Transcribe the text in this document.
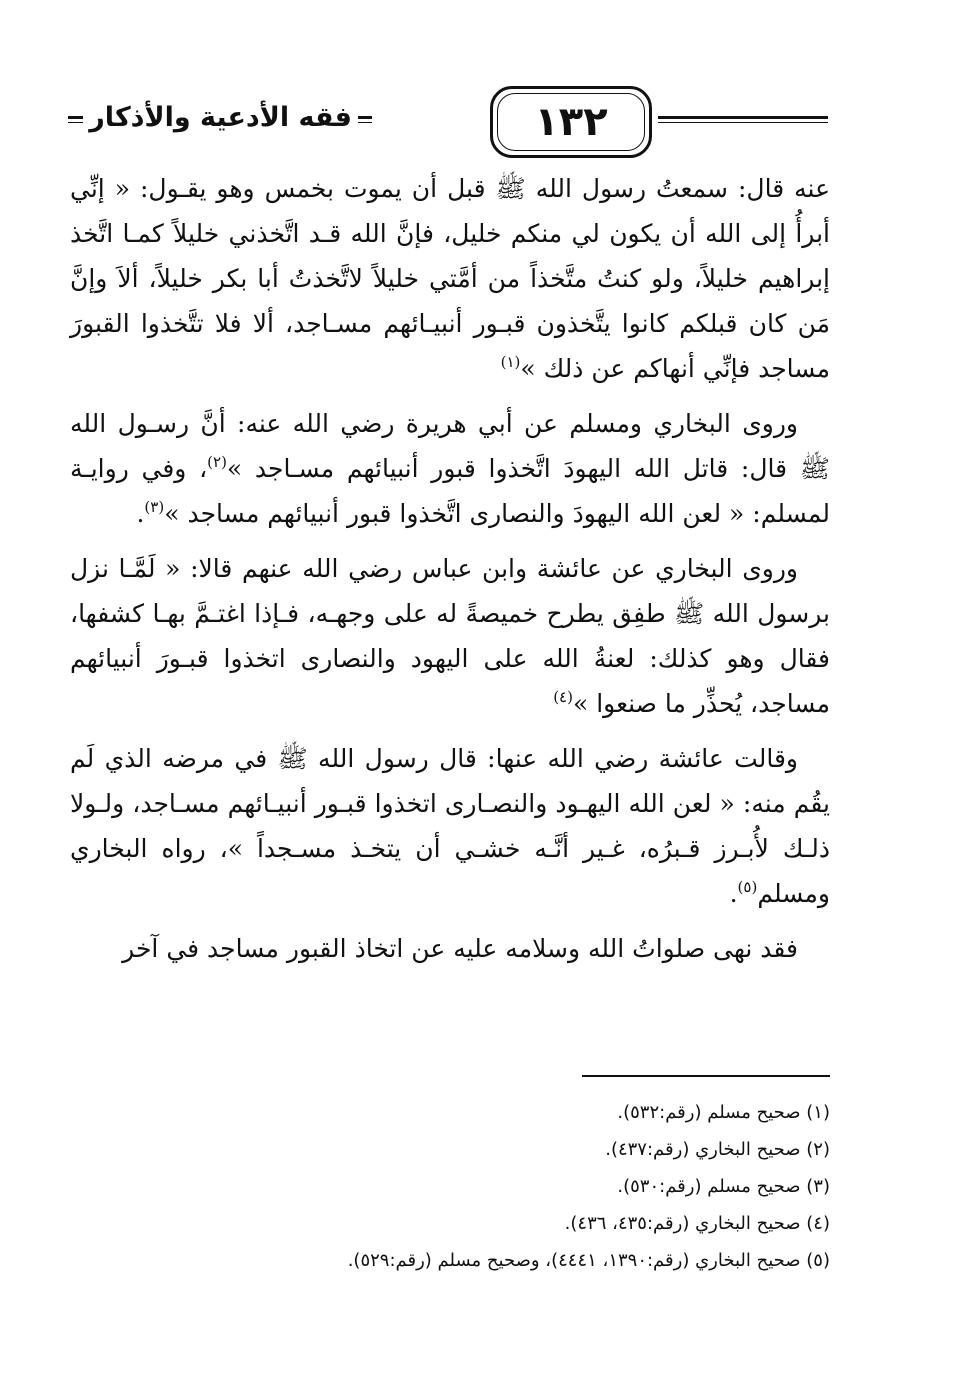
فقه الأدعية والأذكار	١٣٢

عنه قال: سمعتُ رسول الله ﷺ قبل أن يموت بخمس وهو يقـول: « إنِّي أبرأُ إلى الله أن يكون لي منكم خليل، فإنَّ الله قـد اتَّخذني خليلاً كمـا اتَّخذ إبراهيم خليلاً، ولو كنتُ متَّخذاً من أمَّتي خليلاً لاتَّخذتُ أبا بكر خليلاً، ألاَ وإنَّ مَن كان قبلكم كانوا يتَّخذون قبـور أنبيـائهم مسـاجد، ألا فلا تتَّخذوا القبورَ مساجد فإنِّي أنهاكم عن ذلك »$^{(١)}$

وروى البخاري ومسلم عن أبي هريرة رضي الله عنه: أنَّ رسـول الله ﷺ قال: قاتل الله اليهودَ اتَّخذوا قبور أنبيائهم مسـاجد »$^{(٢)}$، وفي روايـة لمسلم: « لعن الله اليهودَ والنصارى اتَّخذوا قبور أنبيائهم مساجد »$^{(٣)}$.

وروى البخاري عن عائشة وابن عباس رضي الله عنهم قالا: « لَمَّـا نزل برسول الله ﷺ طفِق يطرح خميصةً له على وجهـه، فـإذا اغتـمَّ بهـا كشفها، فقال وهو كذلك: لعنةُ الله على اليهود والنصارى اتخذوا قبـورَ أنبيائهم مساجد، يُحذِّر ما صنعوا »$^{(٤)}$

وقالت عائشة رضي الله عنها: قال رسول الله ﷺ في مرضه الذي لَم يقُم منه: « لعن الله اليهـود والنصـارى اتخذوا قبـور أنبيـائهم مسـاجد، ولـولا ذلـك لأُبـرز قـبرُه، غـير أنَّـه خشـي أن يتخـذ مسـجداً »، رواه البخاري ومسلم$^{(٥)}$.

فقد نهى صلواتُ الله وسلامه عليه عن اتخاذ القبور مساجد في آخر

(١) صحيح مسلم (رقم:٥٣٢).
(٢) صحيح البخاري (رقم:٤٣٧).
(٣) صحيح مسلم (رقم:٥٣٠).
(٤) صحيح البخاري (رقم:٤٣٥، ٤٣٦).
(٥) صحيح البخاري (رقم:١٣٩٠، ٤٤٤١)، وصحيح مسلم (رقم:٥٢٩).
